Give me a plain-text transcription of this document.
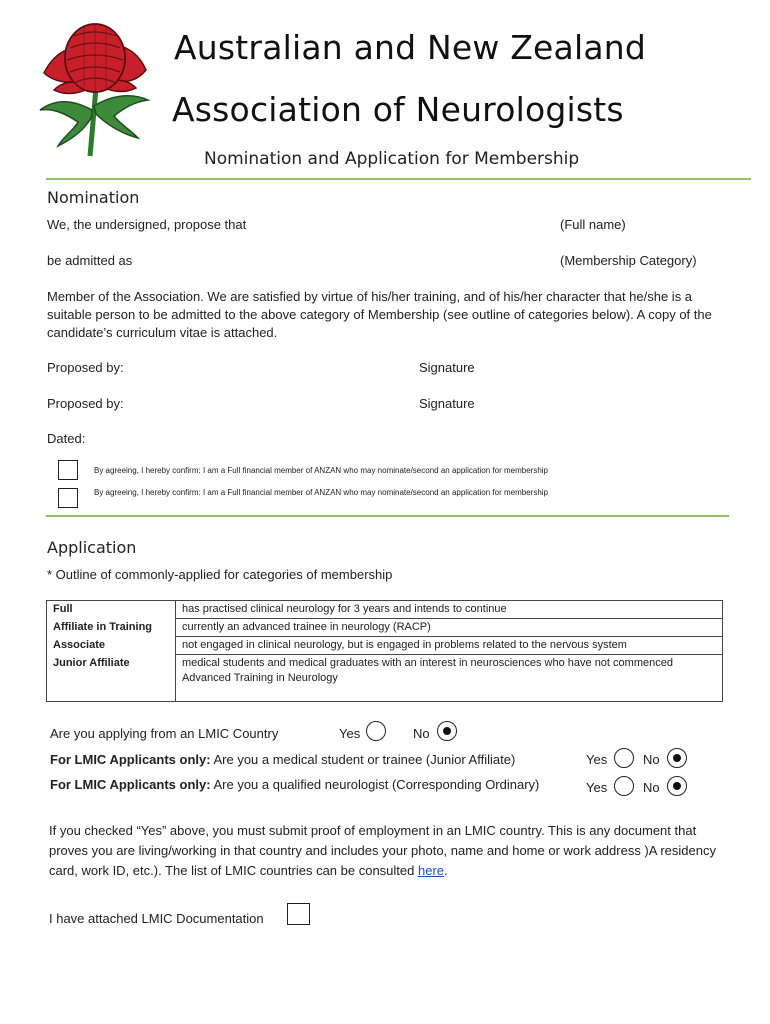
Australian and New Zealand
Association of Neurologists
Nomination and Application for Membership
Nomination
We, the undersigned, propose that	(Full name)
be admitted as	(Membership Category)
Member of the Association. We are satisfied by virtue of his/her training, and of his/her character that he/she is a suitable person to be admitted to the above category of Membership (see outline of categories below). A copy of the candidate’s curriculum vitae is attached.
Proposed by:	Signature
Proposed by:	Signature
Dated:
By agreeing, I hereby confirm: I am a Full financial member of ANZAN who may nominate/second an application for membership
By agreeing, I hereby confirm: I am a Full financial member of ANZAN who may nominate/second an application for membership
Application
* Outline of commonly-applied for categories of membership
Full	has practised clinical neurology for 3 years and intends to continue
Affiliate in Training	currently an advanced trainee in neurology (RACP)
Associate	not engaged in clinical neurology, but is engaged in problems related to the nervous system
Junior Affiliate	medical students and medical graduates with an interest in neurosciences who have not commenced Advanced Training in Neurology
Are you applying from an LMIC Country	Yes	No
For LMIC Applicants only: Are you a medical student or trainee (Junior Affiliate)	Yes	No
For LMIC Applicants only: Are you a qualified neurologist (Corresponding Ordinary)	Yes	No
If you checked “Yes” above, you must submit proof of employment in an LMIC country. This is any document that proves you are living/working in that country and includes your photo, name and home or work address )A residency card, work ID, etc.). The list of LMIC countries can be consulted here.
I have attached LMIC Documentation
